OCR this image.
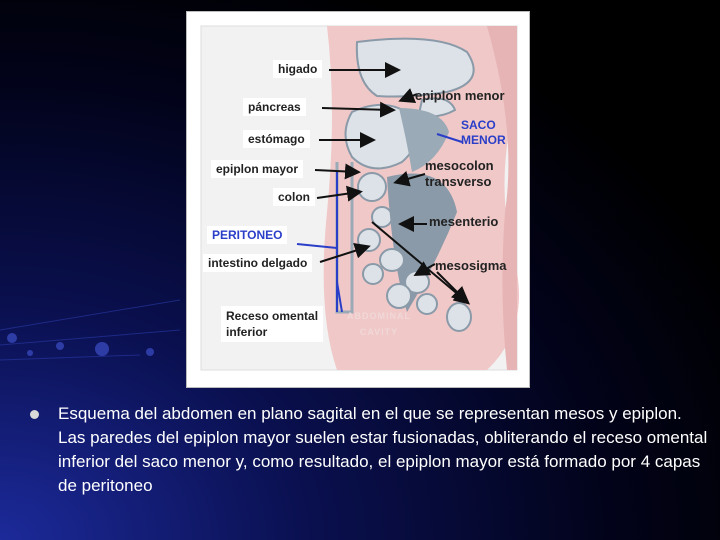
higado
páncreas
estómago
epiplon mayor
colon
PERITONEO
intestino delgado
Receso omental
inferior
epiplon menor
SACO
MENOR
mesocolon
transverso
mesenterio
mesosigma
ABDOMINAL
CAVITY
Esquema del abdomen en plano sagital en el que se representan mesos y epiplon. Las paredes del epiplon mayor suelen estar fusionadas, obliterando el receso omental inferior del saco menor y, como resultado, el epiplon mayor está formado por 4 capas de peritoneo
